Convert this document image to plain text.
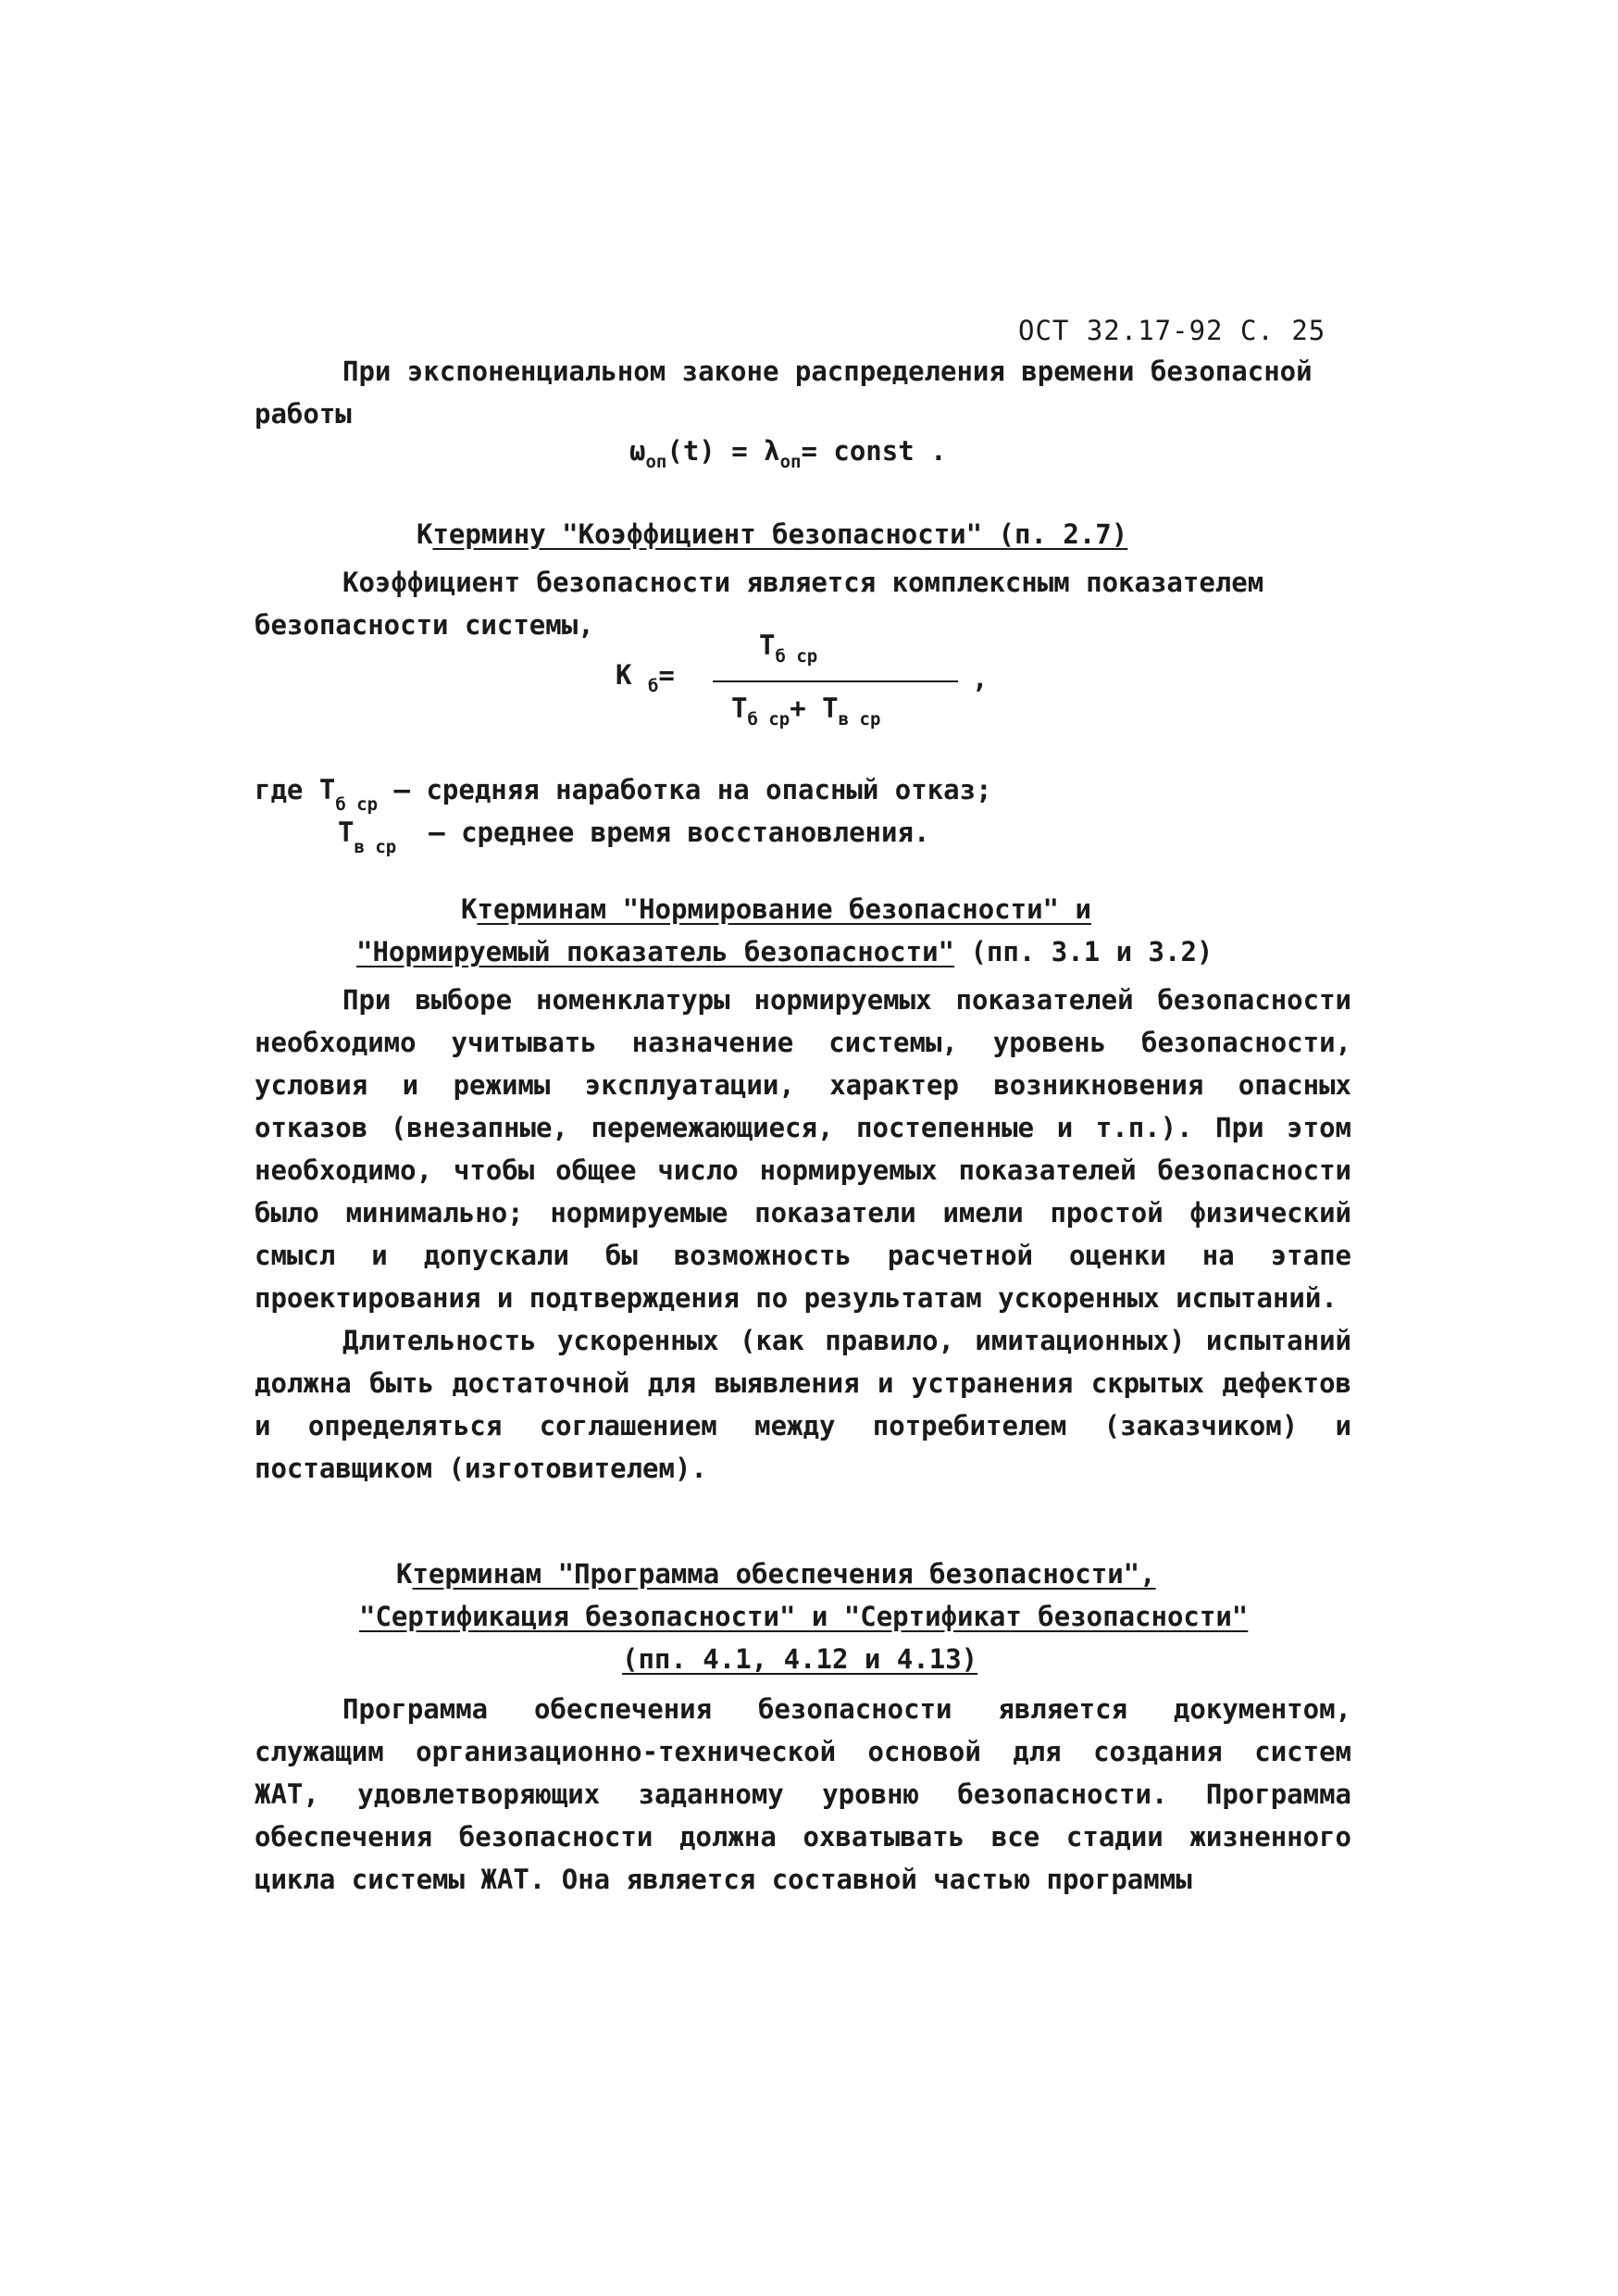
ОСТ 32.17-92 С. 25

При экспоненциальном законе распределения времени безопасной

работы

$\omega_{оп}(t) = \lambda_{оп}=$ const .
Ктермину "Коэффициент безопасности" (п. 2.7)

Коэффициент безопасности является комплексным показателем

безопасности системы,

К $_б$=
$Т_{б ср}$
$Т_{б ср}+ Т_{в ср}$
,
где $Т_{б ср}$ – средняя наработка на опасный отказ;
$Т_{в ср}$ – среднее время восстановления.
Ктерминам "Нормирование безопасности" и
"Нормируемый показатель безопасности" (пп. 3.1 и 3.2)

При выборе номенклатуры нормируемых показателей безопасности необходимо учитывать назначение системы, уровень безопасности, условия и режимы эксплуатации, характер возникновения опасных отказов (внезапные, перемежающиеся, постепенные и т.п.). При этом необходимо, чтобы общее число нормируемых показателей безопасности было минимально; нормируемые показатели имели простой физический смысл и допускали бы возможность расчетной оценки на этапе проектирования и подтверждения по результатам ускоренных испытаний.

Длительность ускоренных (как правило, имитационных) испытаний должна быть достаточной для выявления и устранения скрытых дефектов и определяться соглашением между потребителем (заказчиком) и поставщиком (изготовителем).

Ктерминам "Программа обеспечения безопасности",
"Сертификация безопасности" и "Сертификат безопасности"
(пп. 4.1, 4.12 и 4.13)

Программа обеспечения безопасности является документом, служащим организационно-технической основой для создания систем ЖАТ, удовлетворяющих заданному уровню безопасности. Программа обеспечения безопасности должна охватывать все стадии жизненного цикла системы ЖАТ. Она является составной частью программы
